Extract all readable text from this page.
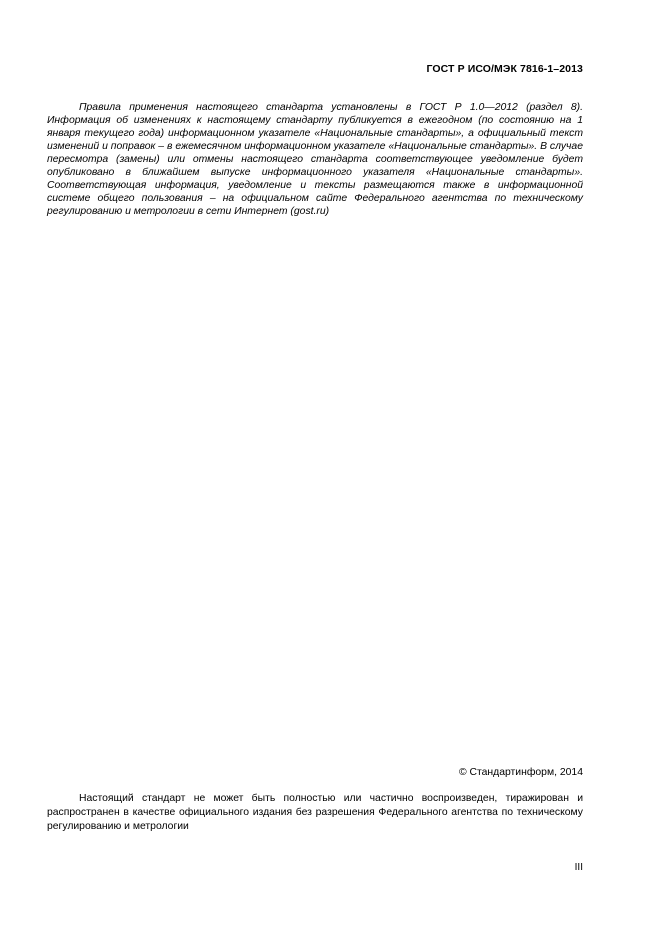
ГОСТ Р ИСО/МЭК 7816-1–2013

Правила применения настоящего стандарта установлены в ГОСТ Р 1.0—2012 (раздел 8). Информация об изменениях к настоящему стандарту публикуется в ежегодном (по состоянию на 1 января текущего года) информационном указателе «Национальные стандарты», а официальный текст изменений и поправок – в ежемесячном информационном указателе «Национальные стандарты». В случае пересмотра (замены) или отмены настоящего стандарта соответствующее уведомление будет опубликовано в ближайшем выпуске информационного указателя «Национальные стандарты». Соответствующая информация, уведомление и тексты размещаются также в информационной системе общего пользования – на официальном сайте Федерального агентства по техническому регулированию и метрологии в сети Интернет (gost.ru)

© Стандартинформ, 2014

Настоящий стандарт не может быть полностью или частично воспроизведен, тиражирован и распространен в качестве официального издания без разрешения Федерального агентства по техническому регулированию и метрологии

III
